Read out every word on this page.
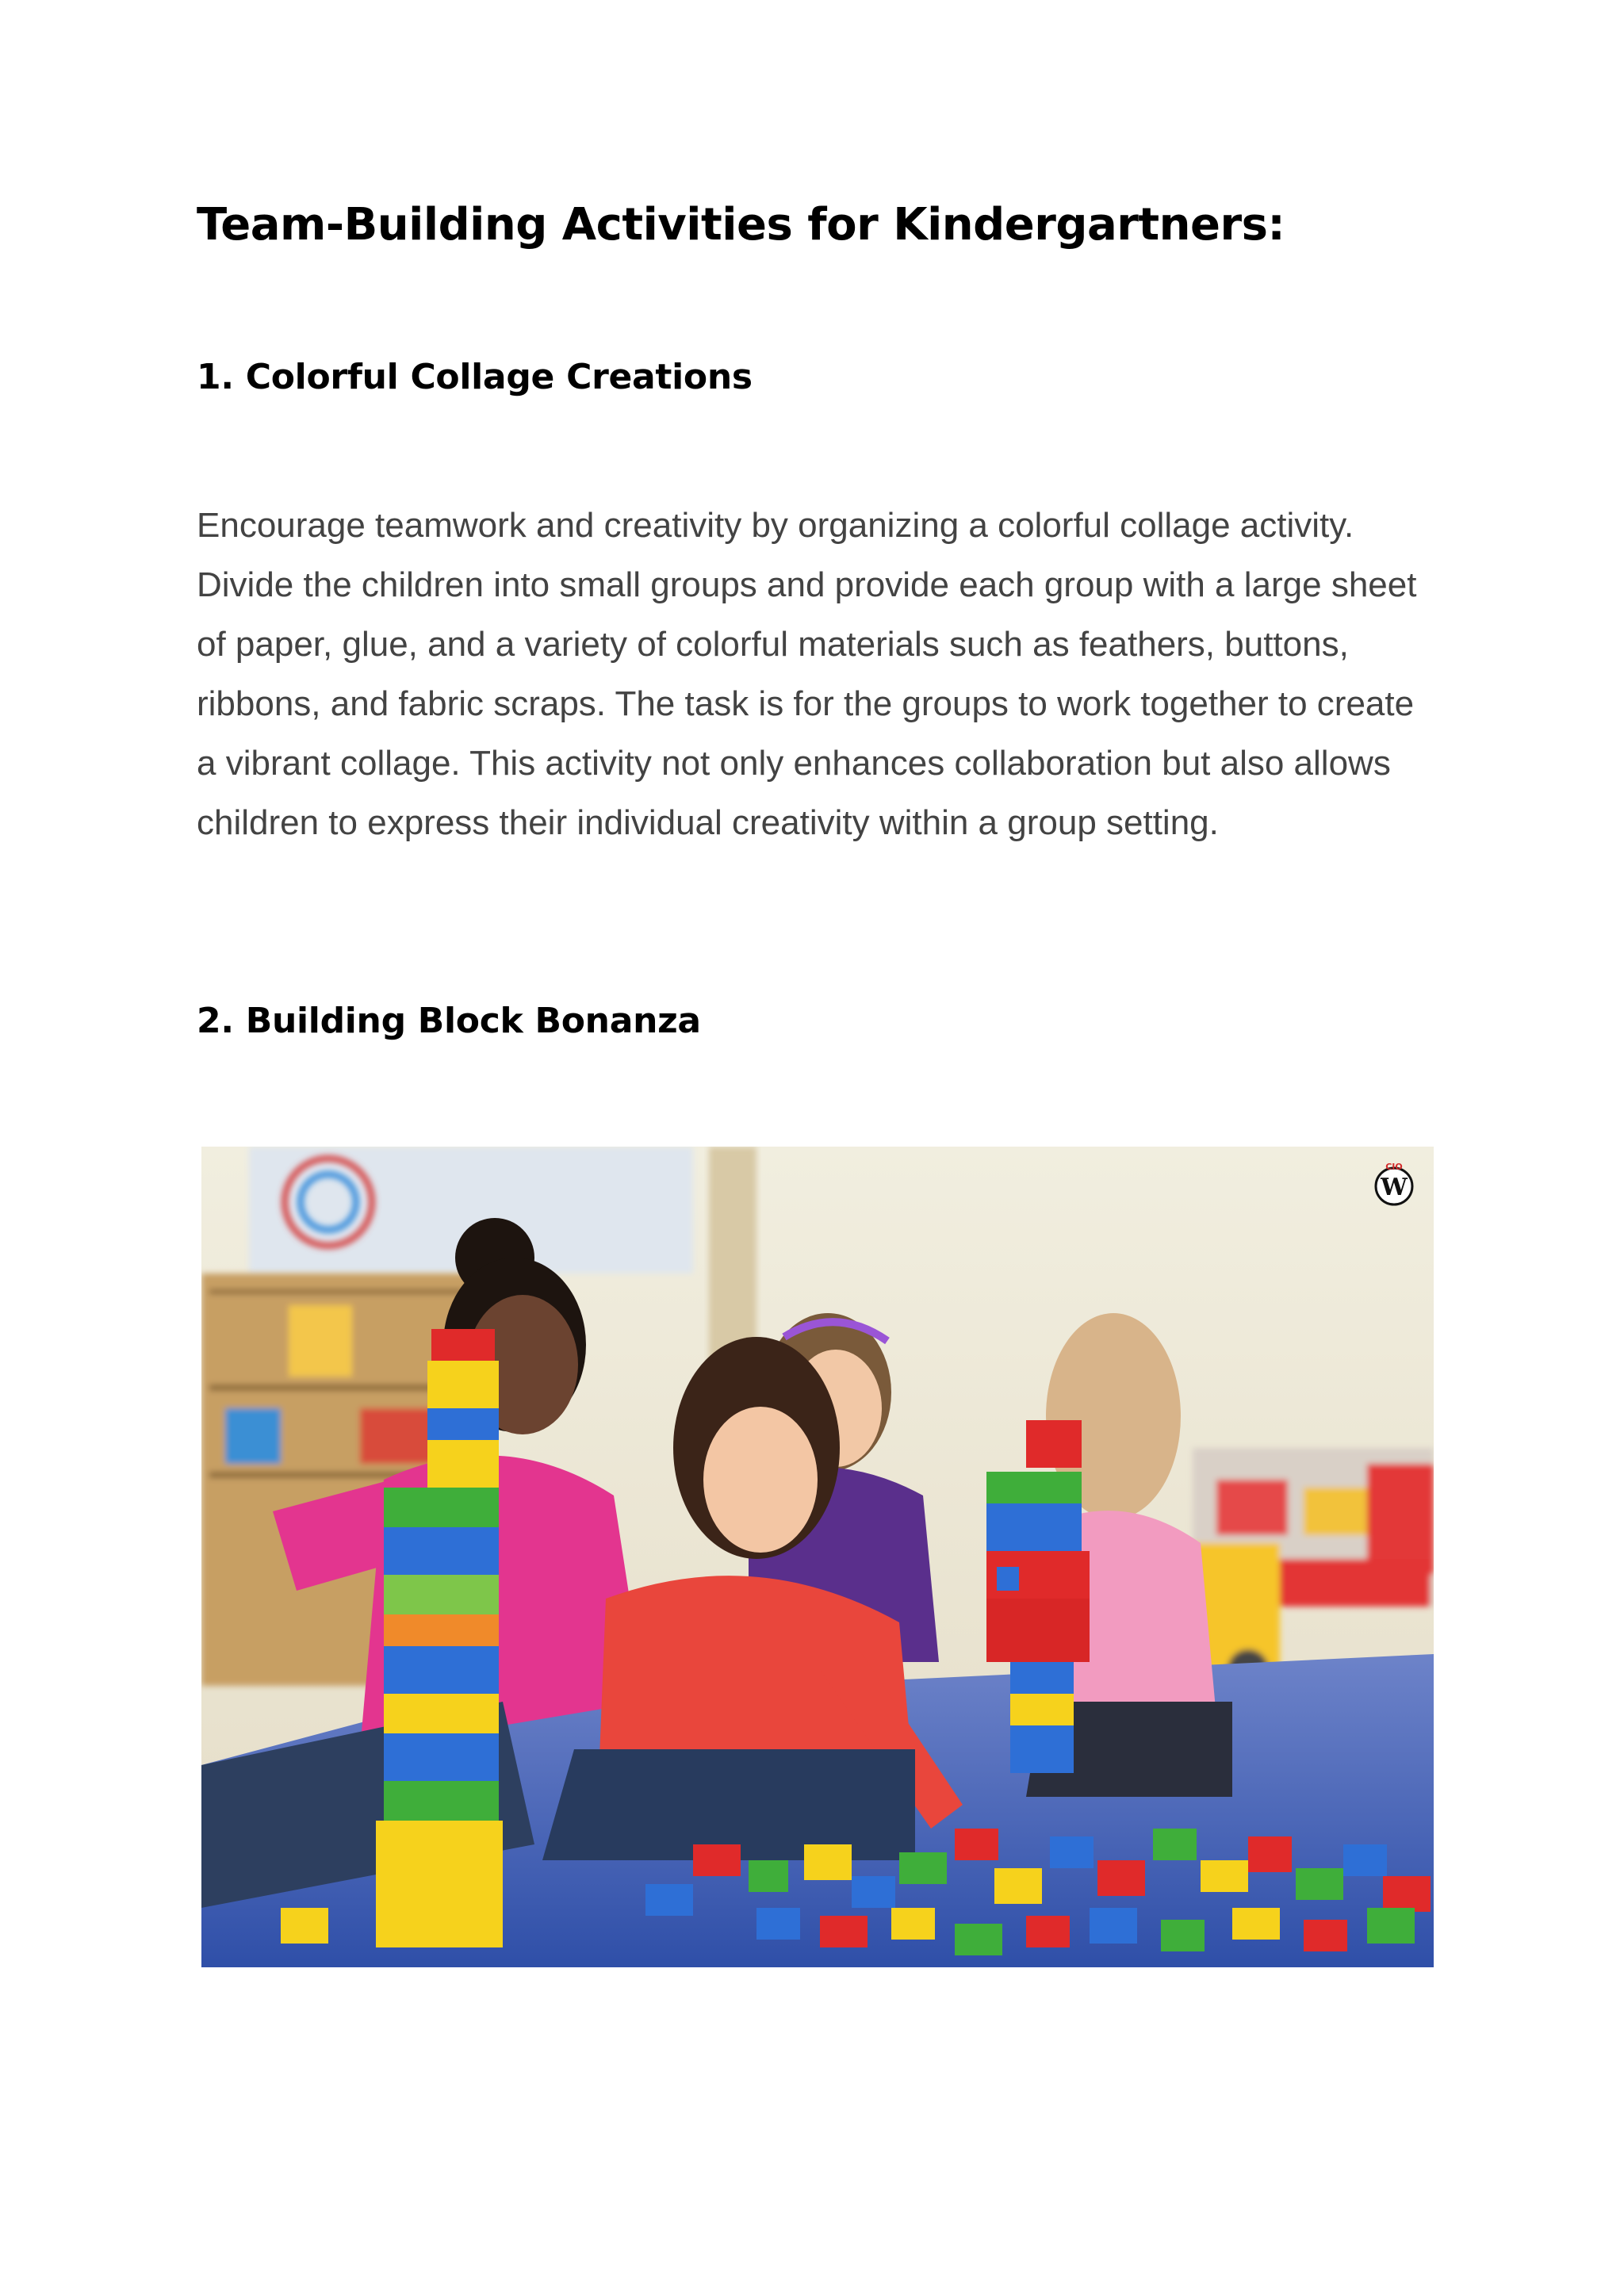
Team-Building Activities for Kindergartners:
1. Colorful Collage Creations

Encourage teamwork and creativity by organizing a colorful collage activity. Divide the children into small groups and provide each group with a large sheet of paper, glue, and a variety of colorful materials such as feathers, buttons, ribbons, and fabric scraps. The task is for the groups to work together to create a vibrant collage. This activity not only enhances collaboration but also allows children to express their individual creativity within a group setting.

2. Building Block Bonanza
W
CIO
